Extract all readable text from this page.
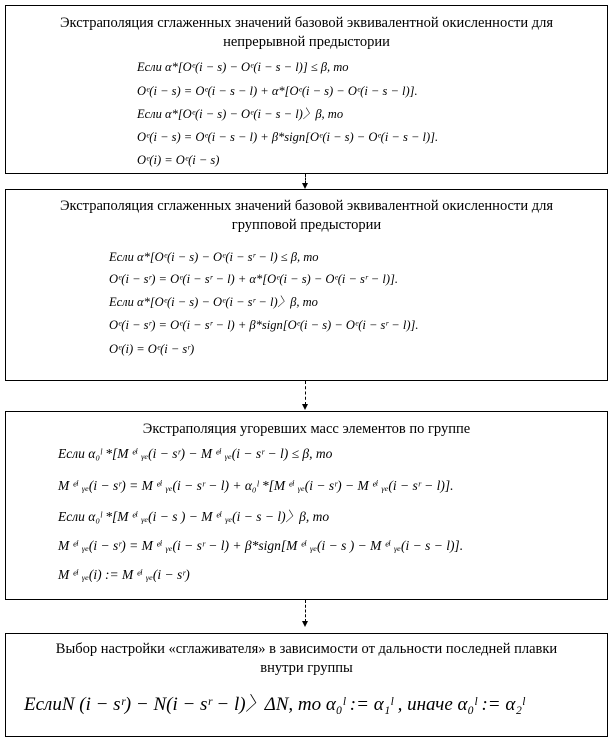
Экстраполяция сглаженных значений базовой эквивалентной окисленности для
непрерывной предыстории
Если α*[Oᵉ(i − s) − Oᵉ(i − s − l)] ≤ β, mo
Oᵉ(i − s) = Oᵉ(i − s − l) + α*[Oᵉ(i − s) − Oᵉ(i − s − l)].
Если α*[Oᵉ(i − s) − Oᵉ(i − s − l)〉β, mo
Oᵉ(i − s) = Oᵉ(i − s − l) + β*sign[Oᵉ(i − s) − Oᵉ(i − s − l)].
Oᵉ(i) = Oᵉ(i − s)
Экстраполяция сглаженных значений базовой эквивалентной окисленности для
групповой предыстории
Если α*[Oᵉ(i − s) − Oᵉ(i − sʳ − l) ≤ β, mo
Oᵉ(i − sʳ) = Oᵉ(i − sʳ − l) + α*[Oᵉ(i − s) − Oᵉ(i − sʳ − l)].
Если α*[Oᵉ(i − s) − Oᵉ(i − sʳ − l)〉β, mo
Oᵉ(i − sʳ) = Oᵉ(i − sʳ − l) + β*sign[Oᵉ(i − s) − Oᵉ(i − sʳ − l)].
Oᵉ(i) = Oᵉ(i − sʳ)
Экстраполяция угоревших масс элементов по группе
Если α₀ˡ *[M ᵉⁱ ᵧₑ(i − sʳ) − M ᵉⁱ ᵧₑ(i − sʳ − l) ≤ β, mo
M ᵉⁱ ᵧₑ(i − sʳ) = M ᵉⁱ ᵧₑ(i − sʳ − l) + α₀ˡ *[M ᵉⁱ ᵧₑ(i − sʳ) − M ᵉⁱ ᵧₑ(i − sʳ − l)].
Если α₀ˡ *[M ᵉⁱ ᵧₑ(i − s ) − M ᵉⁱ ᵧₑ(i − s − l)〉β, mo
M ᵉⁱ ᵧₑ(i − sʳ) = M ᵉⁱ ᵧₑ(i − sʳ − l) + β*sign[M ᵉⁱ ᵧₑ(i − s ) − M ᵉⁱ ᵧₑ(i − s − l)].
M ᵉⁱ ᵧₑ(i) := M ᵉⁱ ᵧₑ(i − sʳ)
Выбор настройки «сглаживателя» в зависимости от дальности последней плавки
внутри группы
ЕслиN (i − sʳ) − N(i − sʳ − l)〉ΔN, mo α₀ˡ := α₁ˡ , иначе α₀ˡ := α₂ˡ
